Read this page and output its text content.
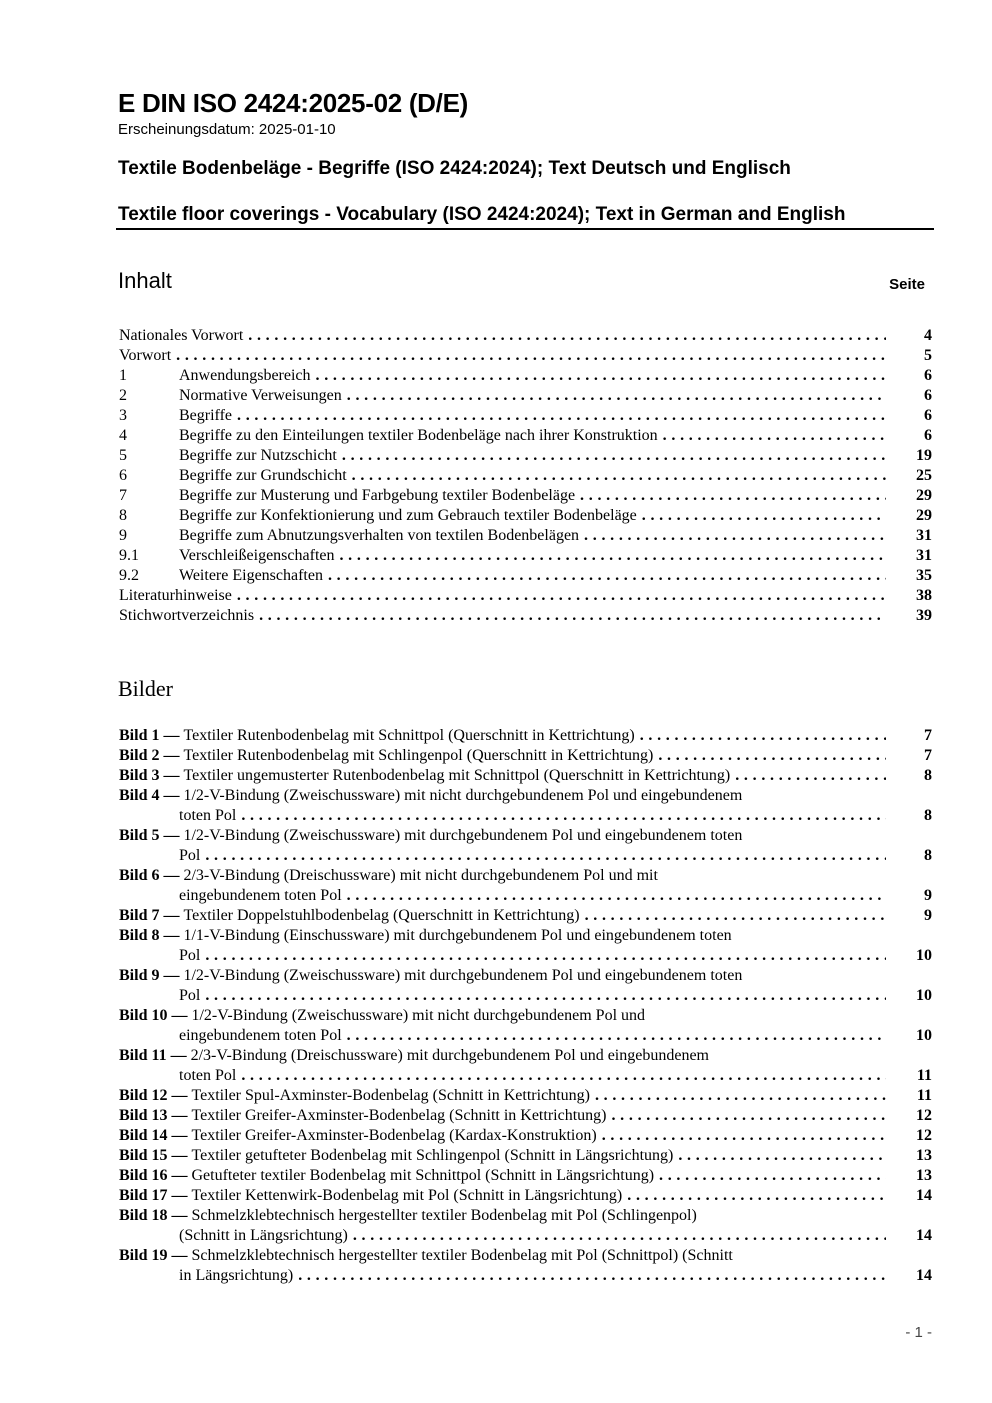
E DIN ISO 2424:2025-02 (D/E)
Erscheinungsdatum: 2025-01-10
Textile Bodenbeläge - Begriffe (ISO 2424:2024); Text Deutsch und Englisch
Textile floor coverings - Vocabulary (ISO 2424:2024); Text in German and English
Inhalt	Seite
Nationales Vorwort . . .	4
Vorwort . . .	5
1	Anwendungsbereich . . .	6
2	Normative Verweisungen . . .	6
3	Begriffe . . .	6
4	Begriffe zu den Einteilungen textiler Bodenbeläge nach ihrer Konstruktion . . .	6
5	Begriffe zur Nutzschicht . . .	19
6	Begriffe zur Grundschicht . . .	25
7	Begriffe zur Musterung und Farbgebung textiler Bodenbeläge . . .	29
8	Begriffe zur Konfektionierung und zum Gebrauch textiler Bodenbeläge . . .	29
9	Begriffe zum Abnutzungsverhalten von textilen Bodenbelägen . . .	31
9.1	Verschleißeigenschaften . . .	31
9.2	Weitere Eigenschaften . . .	35
Literaturhinweise . . .	38
Stichwortverzeichnis . . .	39
Bilder
Bild 1 —
Textiler Rutenbodenbelag mit Schnittpol (Querschnitt in Kettrichtung) . . .	7
Bild 2 —
Textiler Rutenbodenbelag mit Schlingenpol (Querschnitt in Kettrichtung) . . .	7
Bild 3 —
Textiler ungemusterter Rutenbodenbelag mit Schnittpol (Querschnitt in Kettrichtung) . . .	8
Bild 4 —
1/2-V-Bindung (Zweischussware) mit nicht durchgebundenem Pol und eingebundenem
toten Pol . . .	8
Bild 5 —
1/2-V-Bindung (Zweischussware) mit durchgebundenem Pol und eingebundenem toten
Pol . . .	8
Bild 6 —
2/3-V-Bindung (Dreischussware) mit nicht durchgebundenem Pol und mit
eingebundenem toten Pol . . .	9
Bild 7 —
Textiler Doppelstuhlbodenbelag (Querschnitt in Kettrichtung) . . .	9
Bild 8 —
1/1-V-Bindung (Einschussware) mit durchgebundenem Pol und eingebundenem toten
Pol . . .	10
Bild 9 —
1/2-V-Bindung (Zweischussware) mit durchgebundenem Pol und eingebundenem toten
Pol . . .	10
Bild 10 —
1/2-V-Bindung (Zweischussware) mit nicht durchgebundenem Pol und
eingebundenem toten Pol . . .	10
Bild 11 —
2/3-V-Bindung (Dreischussware) mit durchgebundenem Pol und eingebundenem
toten Pol . . .	11
Bild 12 —
Textiler Spul-Axminster-Bodenbelag (Schnitt in Kettrichtung) . . .	11
Bild 13 —
Textiler Greifer-Axminster-Bodenbelag (Schnitt in Kettrichtung) . . .	12
Bild 14 —
Textiler Greifer-Axminster-Bodenbelag (Kardax-Konstruktion) . . .	12
Bild 15 —
Textiler getufteter Bodenbelag mit Schlingenpol (Schnitt in Längsrichtung) . . .	13
Bild 16 —
Getufteter textiler Bodenbelag mit Schnittpol (Schnitt in Längsrichtung) . . .	13
Bild 17 —
Textiler Kettenwirk-Bodenbelag mit Pol (Schnitt in Längsrichtung) . . .	14
Bild 18 —
Schmelzklebtechnisch hergestellter textiler Bodenbelag mit Pol (Schlingenpol)
(Schnitt in Längsrichtung) . . .	14
Bild 19 —
Schmelzklebtechnisch hergestellter textiler Bodenbelag mit Pol (Schnittpol) (Schnitt
in Längsrichtung) . . .	14
- 1 -
